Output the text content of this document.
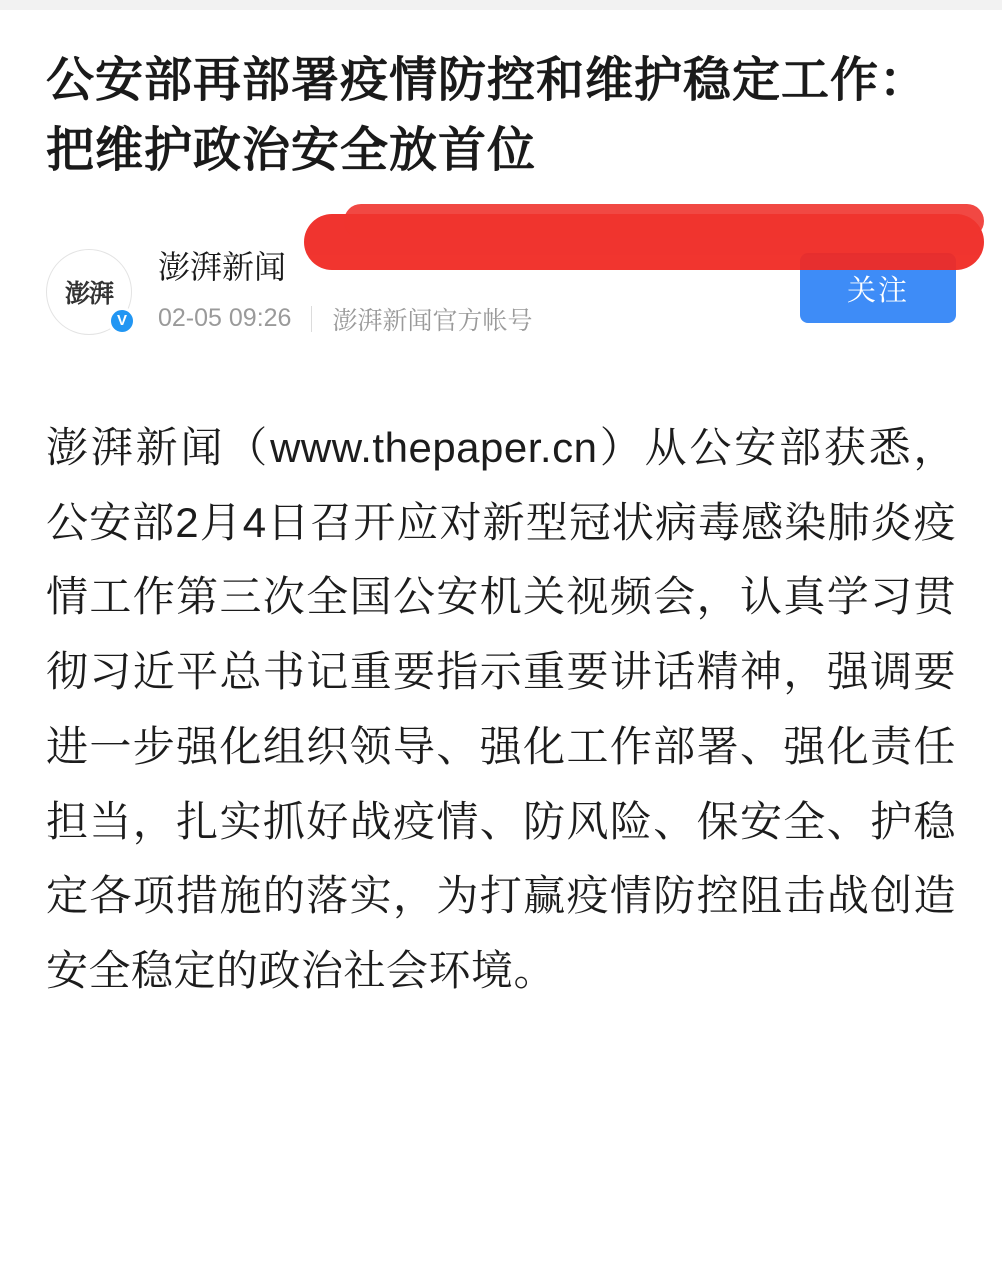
公安部再部署疫情防控和维护稳定工作：把维护政治安全放首位
澎湃
V
澎湃新闻
02-05 09:26 澎湃新闻官方帐号
关注
澎湃新闻（www.thepaper.cn）从公安部获悉，公安部2月4日召开应对新型冠状病毒感染肺炎疫情工作第三次全国公安机关视频会，认真学习贯彻习近平总书记重要指示重要讲话精神，强调要进一步强化组织领导、强化工作部署、强化责任担当，扎实抓好战疫情、防风险、保安全、护稳定各项措施的落实，为打赢疫情防控阻击战创造安全稳定的政治社会环境。
